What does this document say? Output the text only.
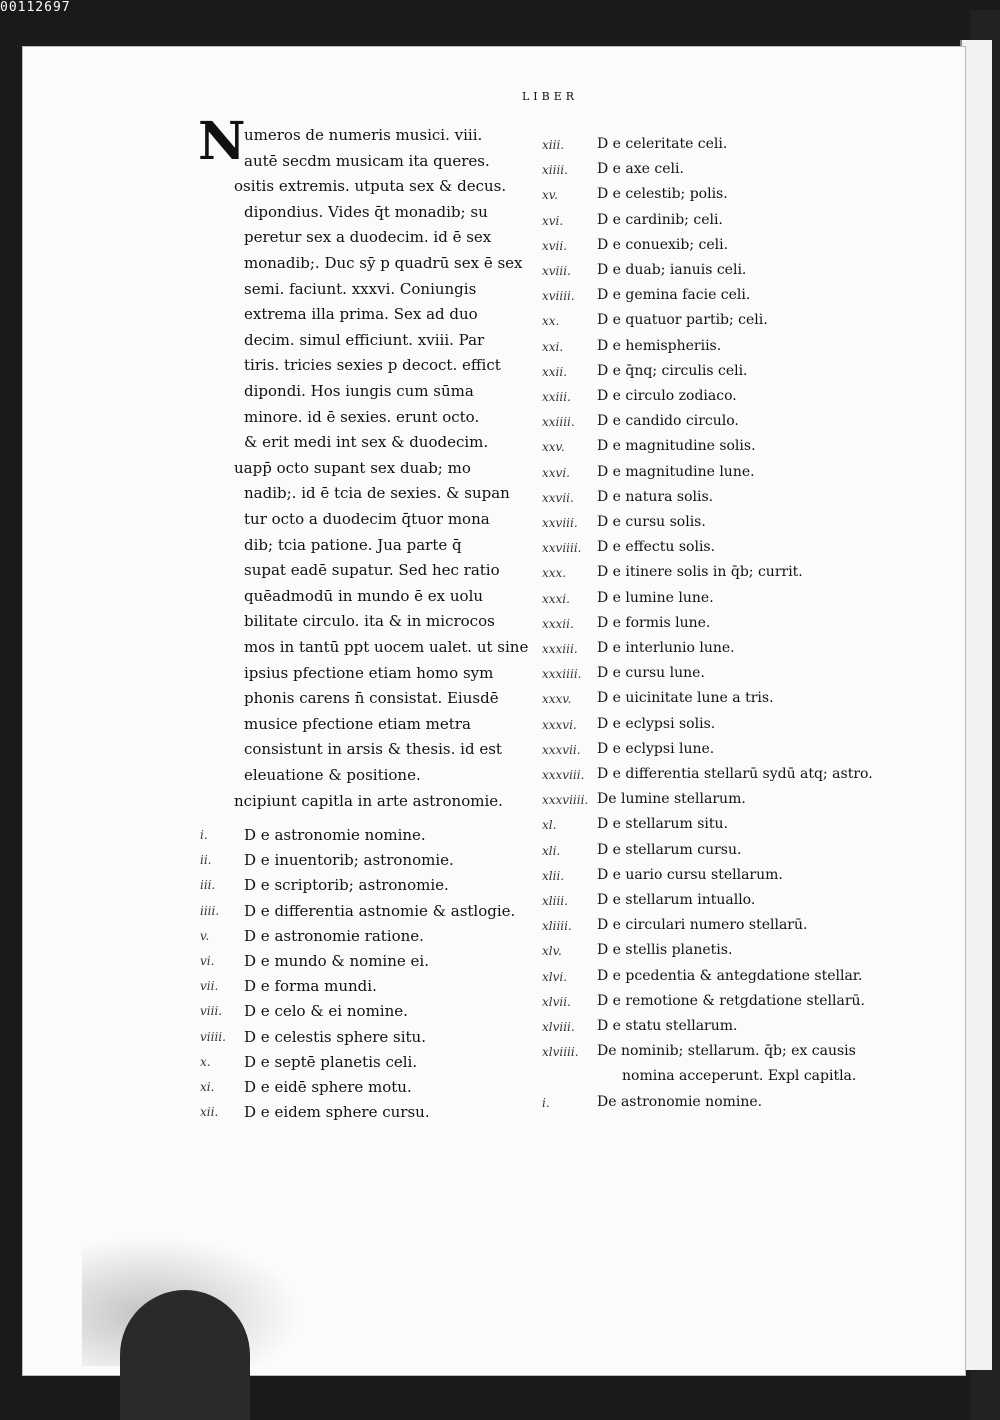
00112697
liber
N
umeros de numeris musici. viii.
autē secdm musicam ita queres.
ositis extremis. utputa sex & decus.
dipondius. Vides q̄t monadib; su
peretur sex a duodecim. id ē sex
monadib;. Duc sȳ p quadrū sex ē sex
semi. faciunt. xxxvi. Coniungis
extrema illa prima. Sex ad duo
decim. simul efficiunt. xviii. Par
tiris. tricies sexies p decoct. effict
dipondi. Hos iungis cum sūma
minore. id ē sexies. erunt octo.
& erit medi int sex & duodecim.
uapp̄ octo supant sex duab; mo
nadib;. id ē tcia de sexies. & supan
tur octo a duodecim q̄tuor mona
dib; tcia patione. Jua parte q̄
supat eadē supatur. Sed hec ratio
quēadmodū in mundo ē ex uolu
bilitate circulo. ita & in microcos
mos in tantū ppt uocem ualet. ut sine
ipsius pfectione etiam homo sym
phonis carens n̄ consistat. Eiusdē
musice pfectione etiam metra
consistunt in arsis & thesis. id est
eleuatione & positione.
ncipiunt capitla in arte astronomie.
i. D e astronomie nomine.
ii. D e inuentorib; astronomie.
iii. D e scriptorib; astronomie.
iiii. D e differentia astnomie & astlogie.
v. D e astronomie ratione.
vi. D e mundo & nomine ei.
vii. D e forma mundi.
viii. D e celo & ei nomine.
viiii. D e celestis sphere situ.
x. D e septē planetis celi.
xi. D e eidē sphere motu.
xii. D e eidem sphere cursu.
xiii. D e celeritate celi.
xiiii. D e axe celi.
xv.	D e celestib; polis.
xvi. D e cardinib; celi.
xvii. D e conuexib; celi.
xviii. D e duab; ianuis celi.
xviiii. D e gemina facie celi.
xx.	D e quatuor partib; celi.
xxi. D e hemispheriis.
xxii. D e q̄nq; circulis celi.
xxiii. D e circulo zodiaco.
xxiiii. D e candido circulo.
xxv. D e magnitudine solis.
xxvi. D e magnitudine lune.
xxvii. D e natura solis.
xxviii. D e cursu solis.
xxviiii. D e effectu solis.
xxx. D e itinere solis in q̄b; currit.
xxxi. D e lumine lune.
xxxii. D e formis lune.
xxxiii. D e interlunio lune.
xxxiiii. D e cursu lune.
xxxv. D e uicinitate lune a tris.
xxxvi. D e eclypsi solis.
xxxvii. D e eclypsi lune.
xxxviii. D e differentia stellarū sydū atq; astro.
xxxviiii. De lumine stellarum.
xl.	D e stellarum situ.
xli.	D e stellarum cursu.
xlii. D e uario cursu stellarum.
xliii. D e stellarum intuallo.
xliiii. D e circulari numero stellarū.
xlv.	D e stellis planetis.
xlvi. D e pcedentia & antegdatione stellar.
xlvii. D e remotione & retgdatione stellarū.
xlviii. D e statu stellarum.
xlviiii. De nominib; stellarum. q̄b; ex causis
nomina acceperunt. Expl capitla.
i.	De astronomie nomine.
